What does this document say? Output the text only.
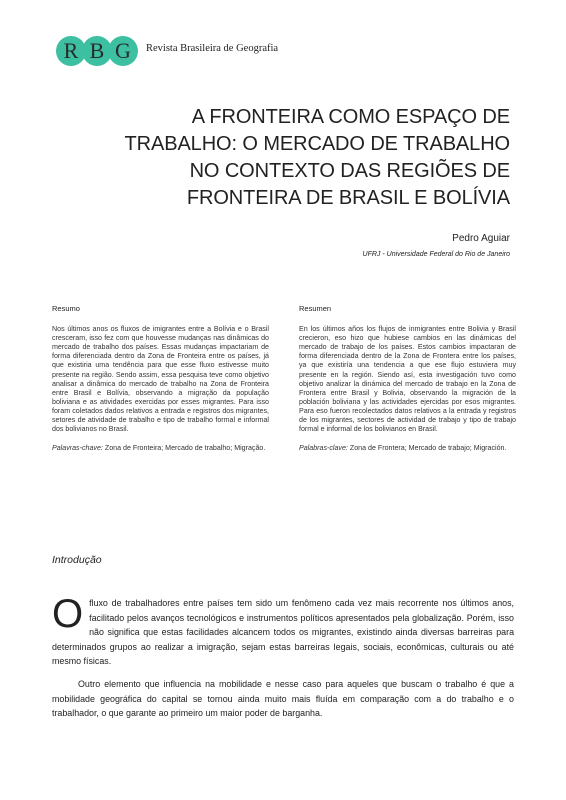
R B G	Revista Brasileira de Geografia
A FRONTEIRA COMO ESPAÇO DE
TRABALHO: O MERCADO DE TRABALHO
NO CONTEXTO DAS REGIÕES DE
FRONTEIRA DE BRASIL E BOLÍVIA
Pedro Aguiar
UFRJ - Universidade Federal do Rio de Janeiro
Resumo

Nos últimos anos os fluxos de imigrantes entre a Bolívia e o Brasil cresceram, isso fez com que houvesse mudanças nas dinâmicas do mercado de trabalho dos países. Essas mudanças impactariam de forma diferenciada dentro da Zona de Fronteira entre os países, já que existiria uma tendência para que esse fluxo estivesse muito presente na região. Sendo assim, essa pesquisa teve como objetivo analisar a dinâmica do mercado de trabalho na Zona de Fronteira entre Brasil e Bolívia, observando a migração da população boliviana e as atividades exercidas por esses migrantes. Para isso foram coletados dados relativos a entrada e registros dos migrantes, setores de atividade de trabalho e tipo de trabalho formal e informal dos bolivianos no Brasil.

Palavras-chave: Zona de Fronteira; Mercado de trabalho; Migração.

Resumen

En los últimos años los flujos de inmigrantes entre Bolivia y Brasil crecieron, eso hizo que hubiese cambios en las dinámicas del mercado de trabajo de los países. Estos cambios impactaran de forma diferenciada dentro de la Zona de Frontera entre los países, ya que existiría una tendencia a que ese flujo estuviera muy presente en la región. Siendo así, esta investigación tuvo como objetivo analizar la dinámica del mercado de trabajo en la Zona de Frontera entre Brasil y Bolivia, observando la migración de la población boliviana y las actividades ejercidas por esos migrantes. Para eso fueron recolectados datos relativos a la entrada y registros de los migrantes, sectores de actividad de trabajo y tipo de trabajo formal e informal de los bolivianos en Brasil.

Palabras-clave: Zona de Frontera; Mercado de trabajo; Migración.

Introdução

Ofluxo de trabalhadores entre países tem sido um fenômeno cada vez mais recorrente nos últimos anos, facilitado pelos avanços tecnológicos e instrumentos políticos apresentados pela globalização. Porém, isso não significa que estas facilidades alcancem todos os migrantes, existindo ainda diversas barreiras para determinados grupos ao realizar a imigração, sejam estas barreiras legais, sociais, econômicas, culturais ou até mesmo físicas.

Outro elemento que influencia na mobilidade e nesse caso para aqueles que buscam o trabalho é que a mobilidade geográfica do capital se tornou ainda muito mais fluída em comparação com a do trabalho e o trabalhador, o que garante ao primeiro um maior poder de barganha.
